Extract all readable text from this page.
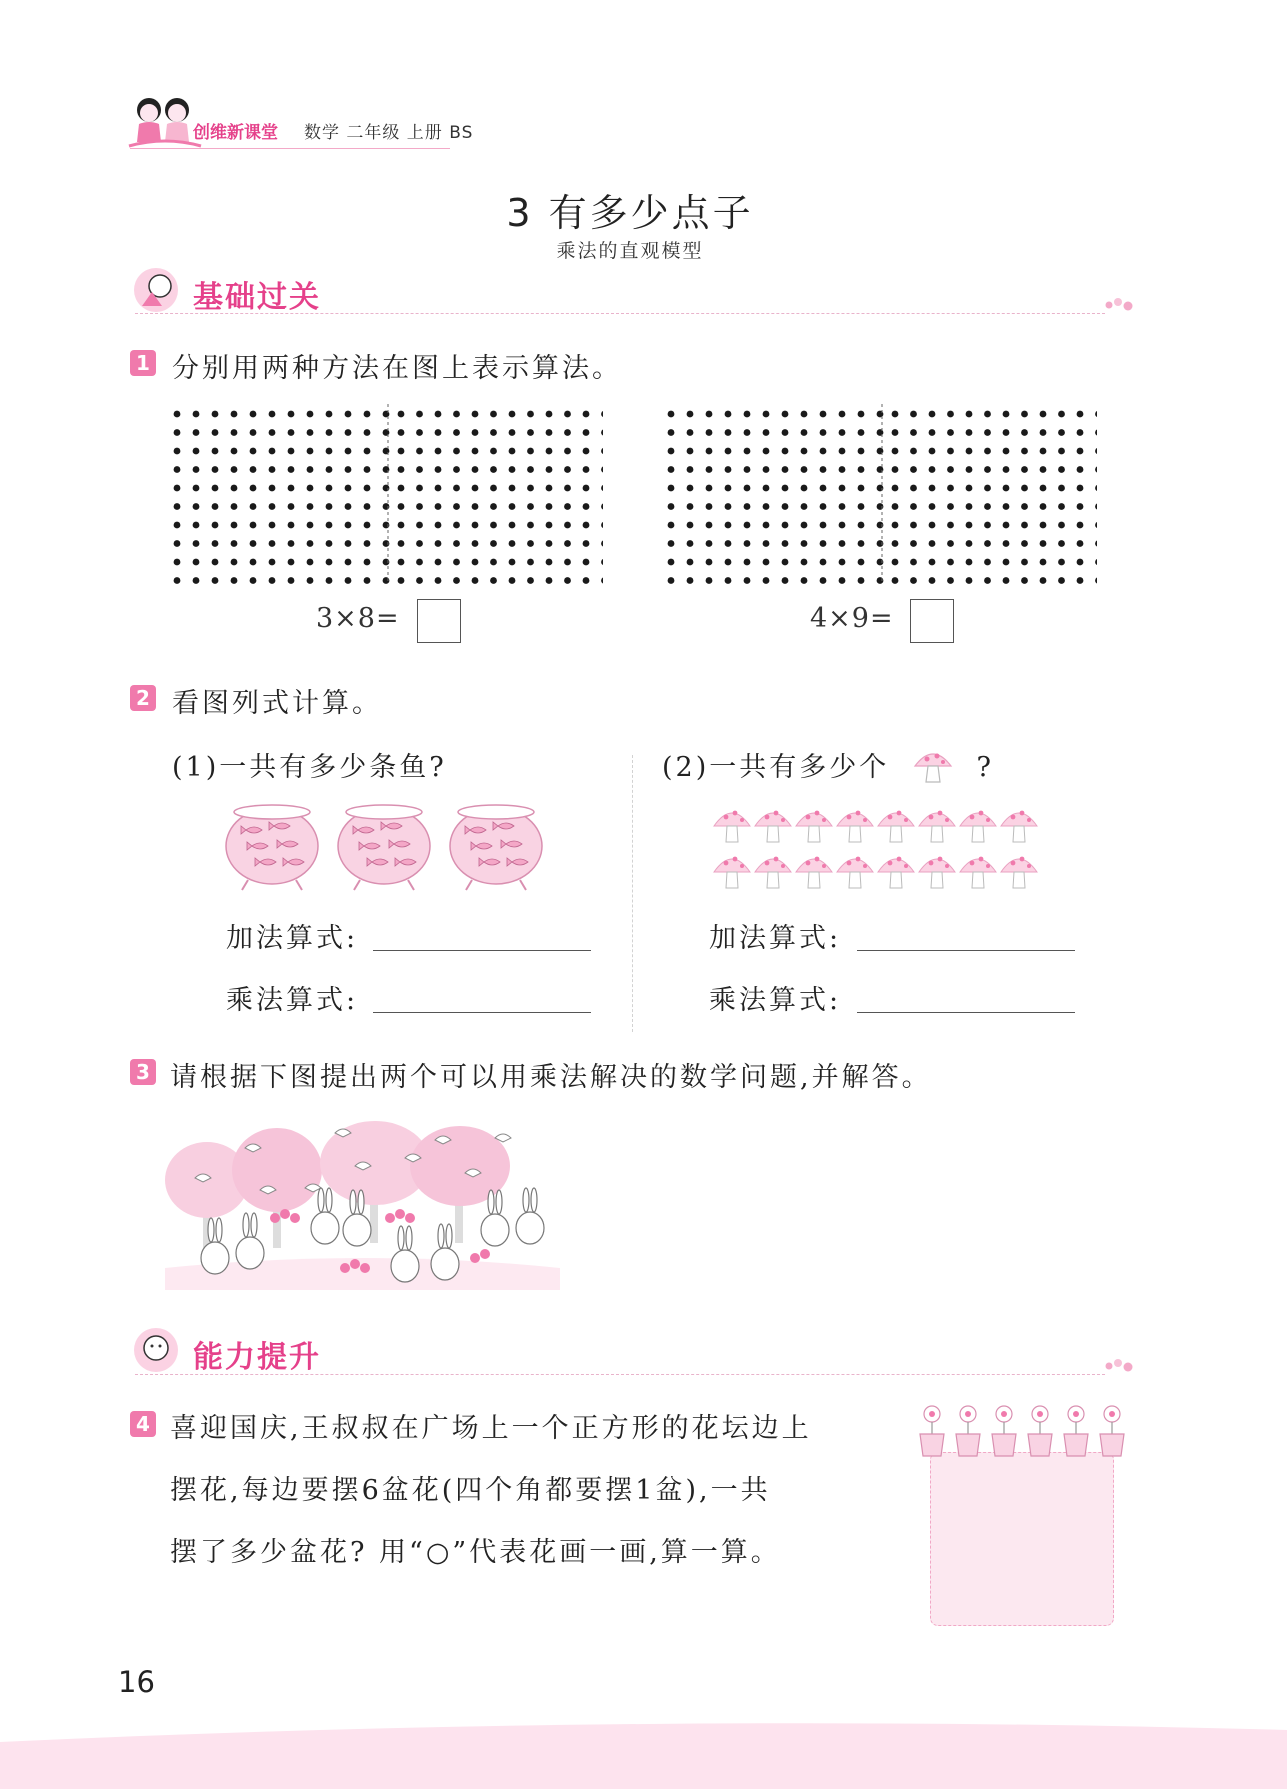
创维新课堂 数学 二年级 上册 BS
3 有多少点子
乘法的直观模型
基础过关
1 分别用两种方法在图上表示算法。
3×8=	4×9=
2 看图列式计算。
(1)一共有多少条鱼?
加法算式:
乘法算式:
(2)一共有多少个	?
加法算式:
乘法算式:
3 请根据下图提出两个可以用乘法解决的数学问题,并解答。
能力提升
4 喜迎国庆,王叔叔在广场上一个正方形的花坛边上
摆花,每边要摆6盆花(四个角都要摆1盆),一共
摆了多少盆花? 用“○”代表花画一画,算一算。
16
